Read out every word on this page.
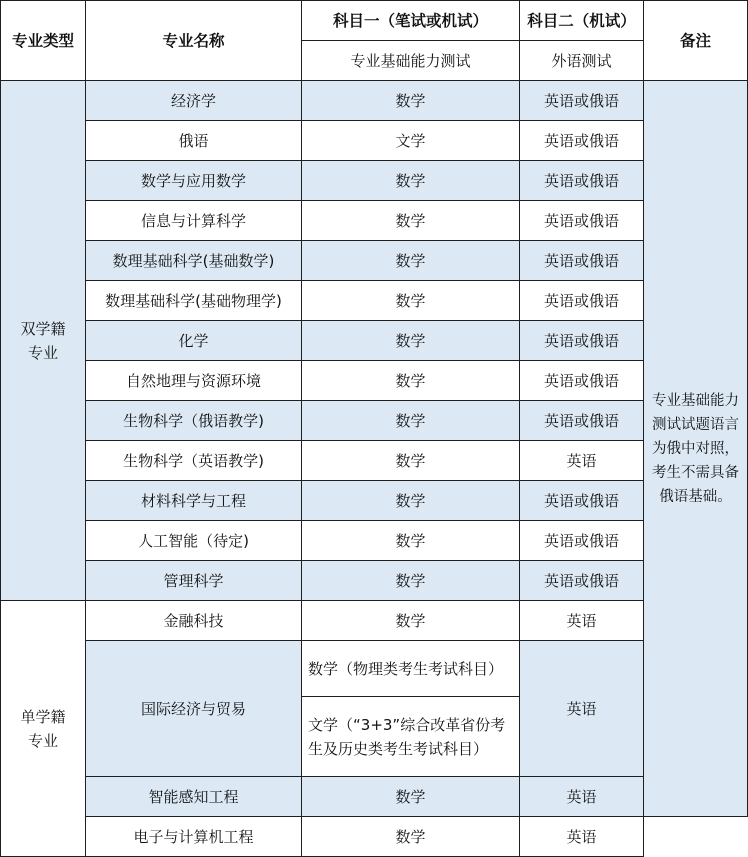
专业类型	专业名称	科目一（笔试或机试）	科目二（机试）	备注
		专业基础能力测试	外语测试	
双学籍
专业	经济学	数学	英语或俄语	专业基础能力测试试题语言为俄中对照，考生不需具备俄语基础。
	俄语	文学	英语或俄语	
	数学与应用数学	数学	英语或俄语	
	信息与计算科学	数学	英语或俄语	
	数理基础科学(基础数学)	数学	英语或俄语	
	数理基础科学(基础物理学)	数学	英语或俄语	
	化学	数学	英语或俄语	
	自然地理与资源环境	数学	英语或俄语	
	生物科学（俄语教学)	数学	英语或俄语	
	生物科学（英语教学)	数学	英语	
	材料科学与工程	数学	英语或俄语	
	人工智能（待定)	数学	英语或俄语	
	管理科学	数学	英语或俄语	
单学籍
专业	金融科技	数学	英语	
	国际经济与贸易	数学（物理类考生考试科目）	英语	
		文学（“3+3”综合改革省份考生及历史类考生考试科目）		
	智能感知工程	数学	英语	
	电子与计算机工程	数学	英语	
